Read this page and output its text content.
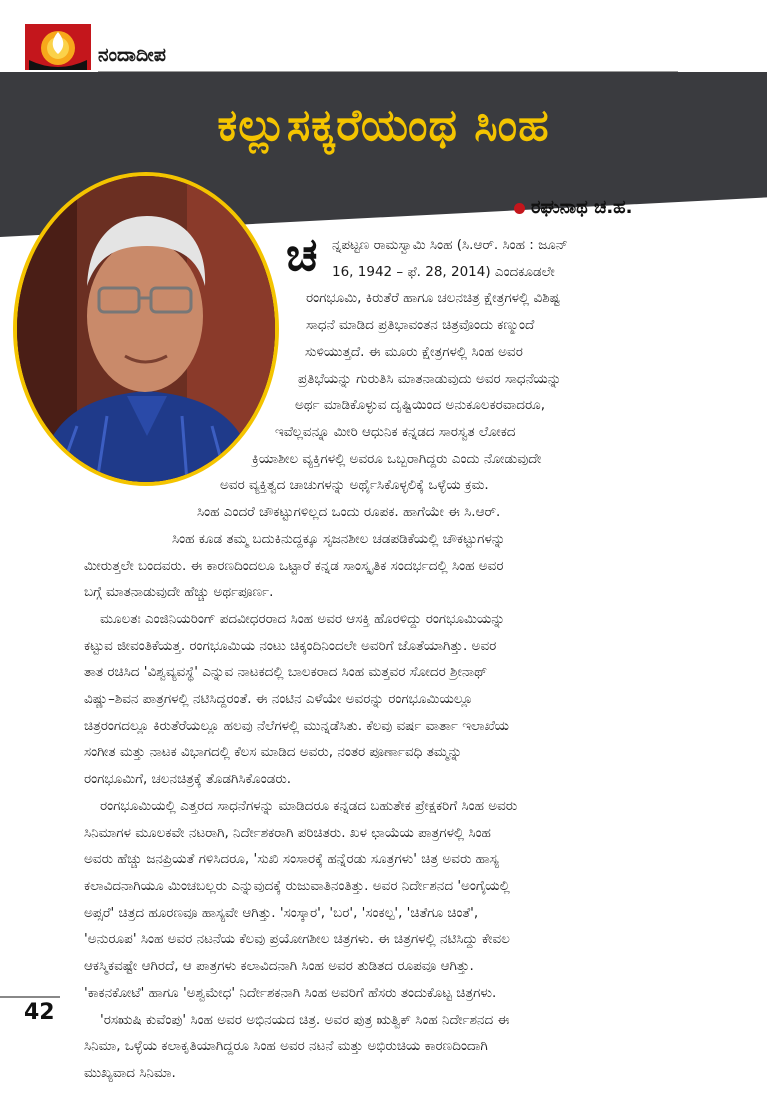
ನಂದಾದೀಪ
ಕಲ್ಲುಸಕ್ಕರೆಯಂಥ ಸಿಂಹ
ರಘುನಾಥ ಚ.ಹ.
ಚ ನ್ನಪಟ್ಟಣ ರಾಮಸ್ವಾಮಿ ಸಿಂಹ (ಸಿ.ಆರ್. ಸಿಂಹ : ಜೂನ್
16, 1942 – ಫೆ. 28, 2014) ಎಂದಕೂಡಲೇ
ರಂಗಭೂಮಿ, ಕಿರುತೆರೆ ಹಾಗೂ ಚಲನಚಿತ್ರ ಕ್ಷೇತ್ರಗಳಲ್ಲಿ ವಿಶಿಷ್ಟ
ಸಾಧನೆ ಮಾಡಿದ ಪ್ರತಿಭಾವಂತನ ಚಿತ್ರವೊಂದು ಕಣ್ಮುಂದೆ
ಸುಳಿಯುತ್ತದೆ. ಈ ಮೂರು ಕ್ಷೇತ್ರಗಳಲ್ಲಿ ಸಿಂಹ ಅವರ
ಪ್ರತಿಭೆಯನ್ನು ಗುರುತಿಸಿ ಮಾತನಾಡುವುದು ಅವರ ಸಾಧನೆಯನ್ನು
ಅರ್ಥ ಮಾಡಿಕೊಳ್ಳುವ ದೃಷ್ಟಿಯಿಂದ ಅನುಕೂಲಕರವಾದರೂ,
ಇವೆಲ್ಲವನ್ನೂ ಮೀರಿ ಆಧುನಿಕ ಕನ್ನಡದ ಸಾರಸ್ವತ ಲೋಕದ
ಕ್ರಿಯಾಶೀಲ ವ್ಯಕ್ತಿಗಳಲ್ಲಿ ಅವರೂ ಒಬ್ಬರಾಗಿದ್ದರು ಎಂದು ನೋಡುವುದೇ
ಅವರ ವ್ಯಕ್ತಿತ್ವದ ಚಾಚುಗಳನ್ನು ಅರ್ಥೈಸಿಕೊಳ್ಳಲಿಕ್ಕೆ ಒಳ್ಳೆಯ ಕ್ರಮ.
ಸಿಂಹ ಎಂದರೆ ಚೌಕಟ್ಟುಗಳಿಲ್ಲದ ಒಂದು ರೂಪಕ. ಹಾಗೆಯೇ ಈ ಸಿ.ಆರ್.
ಸಿಂಹ ಕೂಡ ತಮ್ಮ ಬದುಕಿನುದ್ದಕ್ಕೂ ಸೃಜನಶೀಲ ಚಡಪಡಿಕೆಯಲ್ಲಿ ಚೌಕಟ್ಟುಗಳನ್ನು
ಮೀರುತ್ತಲೇ ಬಂದವರು. ಈ ಕಾರಣದಿಂದಲೂ ಒಟ್ಟಾರೆ ಕನ್ನಡ ಸಾಂಸ್ಕೃತಿಕ ಸಂದರ್ಭದಲ್ಲಿ ಸಿಂಹ ಅವರ
ಬಗ್ಗೆ ಮಾತನಾಡುವುದೇ ಹೆಚ್ಚು ಅರ್ಥಪೂರ್ಣ.
ಮೂಲತಃ ಎಂಜಿನಿಯರಿಂಗ್ ಪದವೀಧರರಾದ ಸಿಂಹ ಅವರ ಆಸಕ್ತಿ ಹೊರಳಿದ್ದು ರಂಗಭೂಮಿಯನ್ನು
ಕಟ್ಟುವ ಜೀವಂತಿಕೆಯತ್ತ. ರಂಗಭೂಮಿಯ ನಂಟು ಚಿಕ್ಕಂದಿನಿಂದಲೇ ಅವರಿಗೆ ಜೊತೆಯಾಗಿತ್ತು. ಅವರ
ತಾತ ರಚಿಸಿದ 'ವಿಶ್ವವ್ಯವಸ್ಥೆ' ಎನ್ನುವ ನಾಟಕದಲ್ಲಿ ಬಾಲಕರಾದ ಸಿಂಹ ಮತ್ತವರ ಸೋದರ ಶ್ರೀನಾಥ್
ವಿಷ್ಣು–ಶಿವನ ಪಾತ್ರಗಳಲ್ಲಿ ನಟಿಸಿದ್ದರಂತೆ. ಈ ನಂಟಿನ ಎಳೆಯೇ ಅವರನ್ನು ರಂಗಭೂಮಿಯಲ್ಲೂ
ಚಿತ್ರರಂಗದಲ್ಲೂ ಕಿರುತೆರೆಯಲ್ಲೂ ಹಲವು ನೆಲೆಗಳಲ್ಲಿ ಮುನ್ನಡೆಸಿತು. ಕೆಲವು ವರ್ಷ ವಾರ್ತಾ ಇಲಾಖೆಯ
ಸಂಗೀತ ಮತ್ತು ನಾಟಕ ವಿಭಾಗದಲ್ಲಿ ಕೆಲಸ ಮಾಡಿದ ಅವರು, ನಂತರ ಪೂರ್ಣಾವಧಿ ತಮ್ಮನ್ನು
ರಂಗಭೂಮಿಗೆ, ಚಲನಚಿತ್ರಕ್ಕೆ ತೊಡಗಿಸಿಕೊಂಡರು.
ರಂಗಭೂಮಿಯಲ್ಲಿ ಎತ್ತರದ ಸಾಧನೆಗಳನ್ನು ಮಾಡಿದರೂ ಕನ್ನಡದ ಬಹುತೇಕ ಪ್ರೇಕ್ಷಕರಿಗೆ ಸಿಂಹ ಅವರು
ಸಿನಿಮಾಗಳ ಮೂಲಕವೇ ನಟರಾಗಿ, ನಿರ್ದೇಶಕರಾಗಿ ಪರಿಚಿತರು. ಖಳ ಛಾಯೆಯ ಪಾತ್ರಗಳಲ್ಲಿ ಸಿಂಹ
ಅವರು ಹೆಚ್ಚು ಜನಪ್ರಿಯತೆ ಗಳಿಸಿದರೂ, 'ಸುಖಿ ಸಂಸಾರಕ್ಕೆ ಹನ್ನೆರಡು ಸೂತ್ರಗಳು' ಚಿತ್ರ ಅವರು ಹಾಸ್ಯ
ಕಲಾವಿದನಾಗಿಯೂ ಮಿಂಚಬಲ್ಲರು ಎನ್ನುವುದಕ್ಕೆ ರುಜುವಾತಿನಂತಿತ್ತು. ಅವರ ನಿರ್ದೇಶನದ 'ಅಂಗೈಯಲ್ಲಿ
ಅಪ್ಸರೆ' ಚಿತ್ರದ ಹೂರಣವೂ ಹಾಸ್ಯವೇ ಆಗಿತ್ತು. 'ಸಂಸ್ಕಾರ', 'ಬರ', 'ಸಂಕಲ್ಪ', 'ಚಿತೆಗೂ ಚಿಂತೆ',
'ಅನುರೂಪ' ಸಿಂಹ ಅವರ ನಟನೆಯ ಕೆಲವು ಪ್ರಯೋಗಶೀಲ ಚಿತ್ರಗಳು. ಈ ಚಿತ್ರಗಳಲ್ಲಿ ನಟಿಸಿದ್ದು ಕೇವಲ
ಆಕಸ್ಮಿಕವಷ್ಟೇ ಆಗಿರದೆ, ಆ ಪಾತ್ರಗಳು ಕಲಾವಿದನಾಗಿ ಸಿಂಹ ಅವರ ತುಡಿತದ ರೂಪವೂ ಆಗಿತ್ತು.
'ಕಾಕನಕೋಟೆ' ಹಾಗೂ 'ಅಶ್ವಮೇಧ' ನಿರ್ದೇಶಕನಾಗಿ ಸಿಂಹ ಅವರಿಗೆ ಹೆಸರು ತಂದುಕೊಟ್ಟ ಚಿತ್ರಗಳು.
'ರಸಋಷಿ ಕುವೆಂಪು' ಸಿಂಹ ಅವರ ಅಭಿನಯದ ಚಿತ್ರ. ಅವರ ಪುತ್ರ ಋತ್ವಿಕ್ ಸಿಂಹ ನಿರ್ದೇಶನದ ಈ
ಸಿನಿಮಾ, ಒಳ್ಳೆಯ ಕಲಾಕೃತಿಯಾಗಿದ್ದರೂ ಸಿಂಹ ಅವರ ನಟನೆ ಮತ್ತು ಅಭಿರುಚಿಯ ಕಾರಣದಿಂದಾಗಿ
ಮುಖ್ಯವಾದ ಸಿನಿಮಾ.
42
